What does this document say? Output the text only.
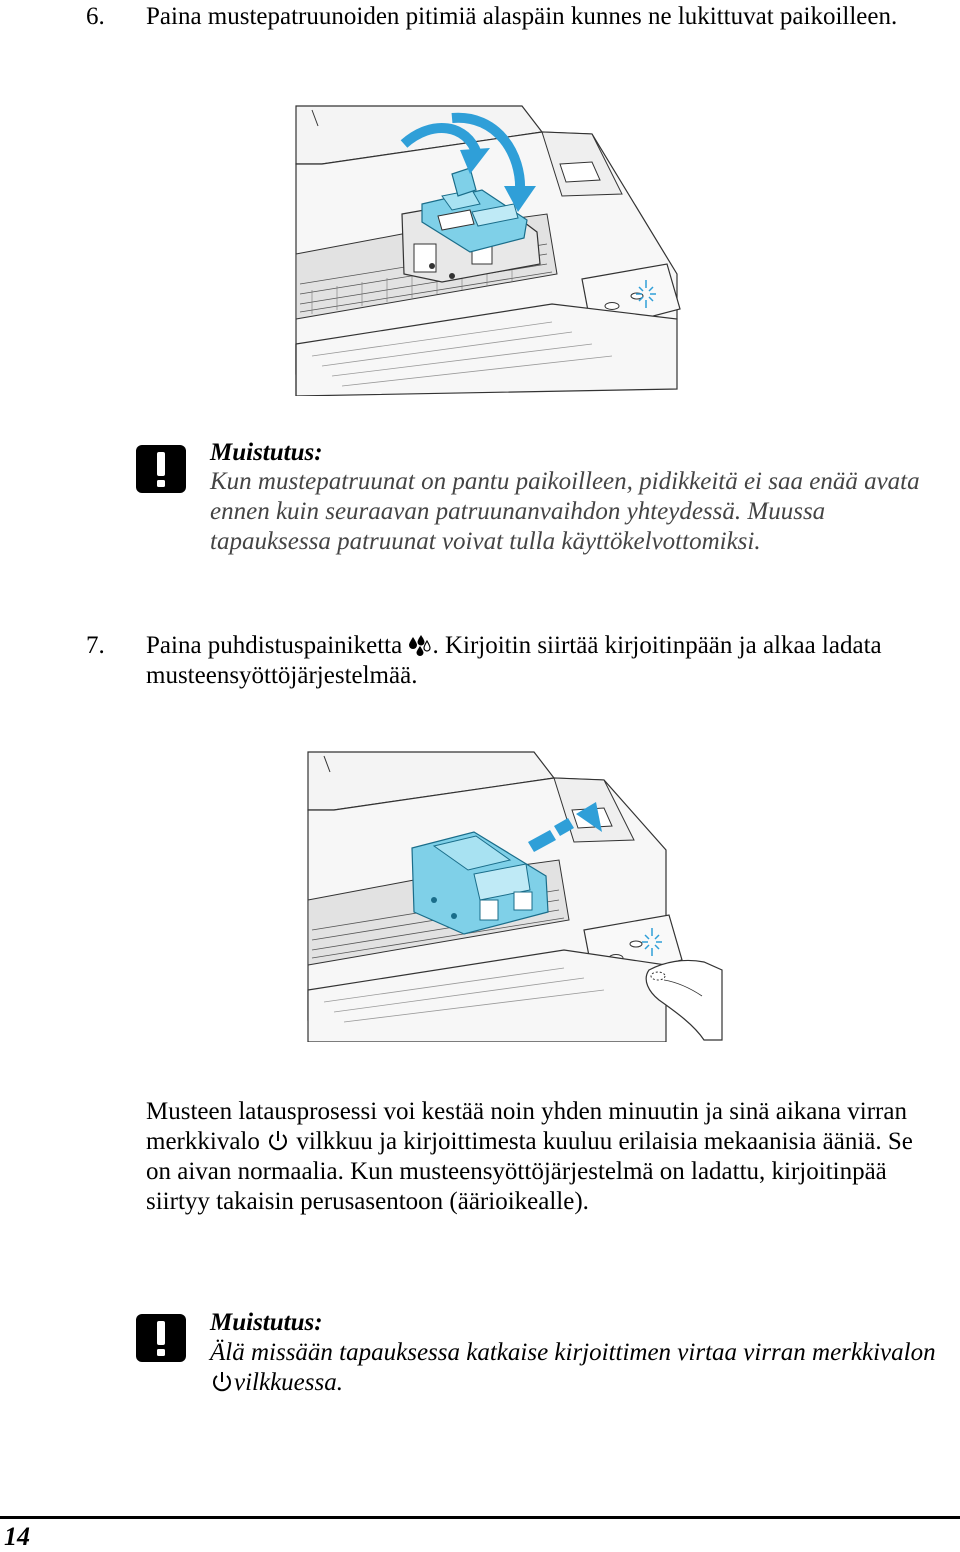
6. Paina mustepatruunoiden pitimiä alaspäin kunnes ne lukittuvat paikoilleen.
Muistutus:
Kun mustepatruunat on pantu paikoilleen, pidikkeitä ei saa enää avata ennen kuin seuraavan patruunanvaihdon yhteydessä. Muussa tapauksessa patruunat voivat tulla käyttökelvottomiksi.
7. Paina puhdistuspainiketta . Kirjoitin siirtää kirjoitinpään ja alkaa ladata musteensyöttöjärjestelmää.
Musteen latausprosessi voi kestää noin yhden minuutin ja sinä aikana virran merkkivalo vilkkuu ja kirjoittimesta kuuluu erilaisia mekaanisia ääniä. Se on aivan normaalia. Kun musteensyöttöjärjestelmä on ladattu, kirjoitinpää siirtyy takaisin perusasentoon (äärioikealle).
Muistutus:
Älä missään tapauksessa katkaise kirjoittimen virtaa virran merkkivalon
vilkkuessa.
14
